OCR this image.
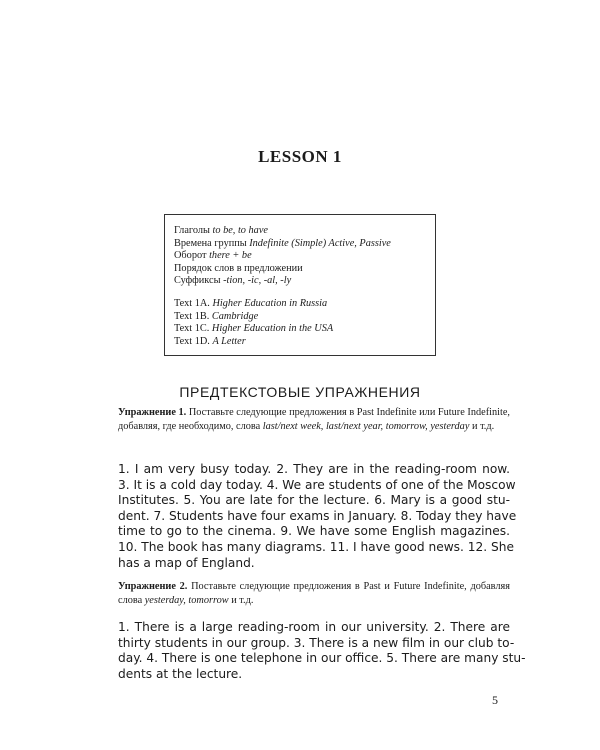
LESSON 1
Глаголы to be, to have
Времена группы Indefinite (Simple) Active, Passive
Оборот there + be
Порядок слов в предложении
Суффиксы -tion, -ic, -al, -ly
Text 1A. Higher Education in Russia
Text 1B. Cambridge
Text 1C. Higher Education in the USA
Text 1D. A Letter
ПРЕДТЕКСТОВЫЕ УПРАЖНЕНИЯ
Упражнение 1. Поставьте следующие предложения в Past Indefinite или Future Indefinite, добавляя, где необходимо, слова last/next week, last/next year, tomorrow, yesterday и т.д.
1. I am very busy today. 2. They are in the reading-room now.
3. It is a cold day today. 4. We are students of one of the Moscow
Institutes. 5. You are late for the lecture. 6. Mary is a good stu-
dent. 7. Students have four exams in January. 8. Today they have
time to go to the cinema. 9. We have some English magazines.
10. The book has many diagrams. 11. I have good news. 12. She
has a map of England.
Упражнение 2. Поставьте следующие предложения в Past и Future Indefinite, добавляя слова yesterday, tomorrow и т.д.
1. There is a large reading-room in our university. 2. There are
thirty students in our group. 3. There is a new film in our club to-
day. 4. There is one telephone in our office. 5. There are many stu-
dents at the lecture.
5
